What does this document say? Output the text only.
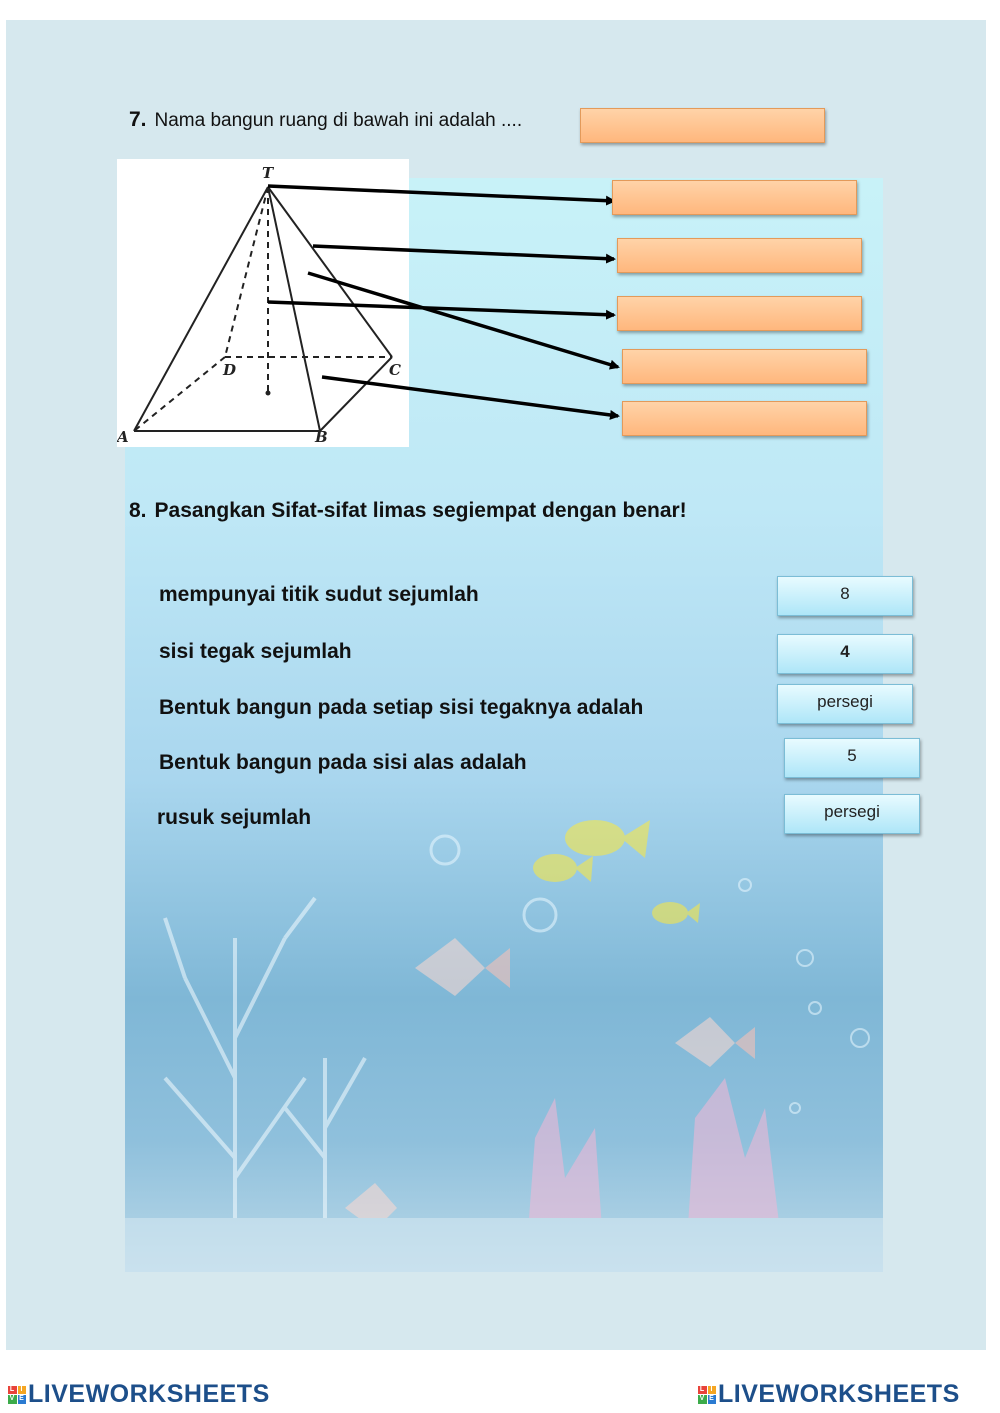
7. Nama bangun ruang di bawah ini adalah ....
T
A	B
C
D
8. Pasangkan Sifat-sifat limas segiempat dengan benar!
mempunyai titik sudut sejumlah
sisi tegak sejumlah
Bentuk bangun pada setiap sisi tegaknya adalah
Bentuk bangun pada sisi alas adalah
rusuk sejumlah
8
4
persegi
5
persegi
L I
V E LIVEWORKSHEETS	L I
V E LIVEWORKSHEETS
